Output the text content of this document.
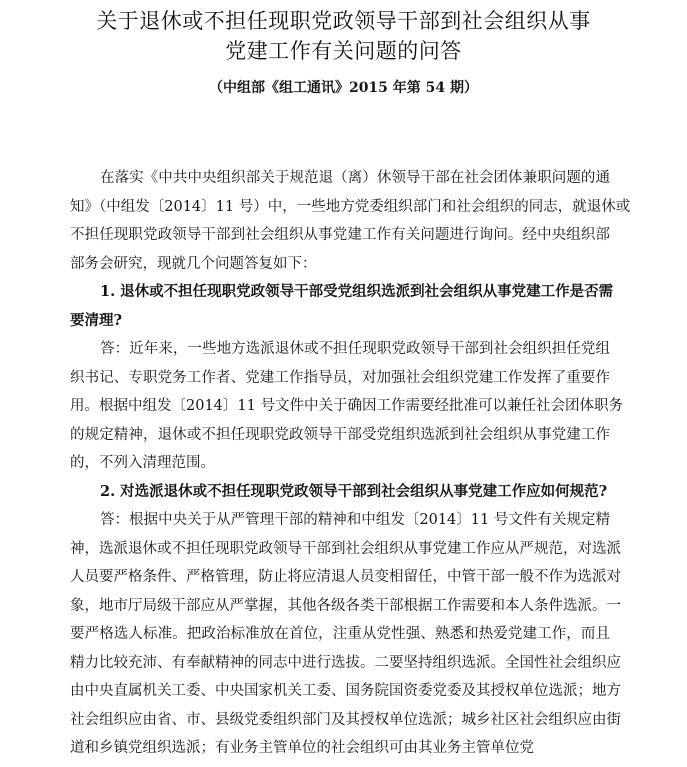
关于退休或不担任现职党政领导干部到社会组织从事
党建工作有关问题的问答
（中组部《组工通讯》2015 年第 54 期）
在落实《中共中央组织部关于规范退（离）休领导干部在社会团体兼职问题的通
知》（中组发〔2014〕11 号）中，一些地方党委组织部门和社会组织的同志，就退休或
不担任现职党政领导干部到社会组织从事党建工作有关问题进行询问。经中央组织部
部务会研究，现就几个问题答复如下：
1. 退休或不担任现职党政领导干部受党组织选派到社会组织从事党建工作是否需
要清理?
答：近年来，一些地方选派退休或不担任现职党政领导干部到社会组织担任党组
织书记、专职党务工作者、党建工作指导员，对加强社会组织党建工作发挥了重要作
用。根据中组发〔2014〕11 号文件中关于确因工作需要经批准可以兼任社会团体职务
的规定精神，退休或不担任现职党政领导干部受党组织选派到社会组织从事党建工作
的，不列入清理范围。
2. 对选派退休或不担任现职党政领导干部到社会组织从事党建工作应如何规范?
答：根据中央关于从严管理干部的精神和中组发〔2014〕11 号文件有关规定精
神，选派退休或不担任现职党政领导干部到社会组织从事党建工作应从严规范，对选派
人员要严格条件、严格管理，防止将应清退人员变相留任，中管干部一般不作为选派对
象，地市厅局级干部应从严掌握，其他各级各类干部根据工作需要和本人条件选派。一
要严格选人标准。把政治标准放在首位，注重从党性强、熟悉和热爱党建工作，而且
精力比较充沛、有奉献精神的同志中进行选拔。二要坚持组织选派。全国性社会组织应
由中央直属机关工委、中央国家机关工委、国务院国资委党委及其授权单位选派；地方
社会组织应由省、市、县级党委组织部门及其授权单位选派；城乡社区社会组织应由街
道和乡镇党组织选派；有业务主管单位的社会组织可由其业务主管单位党
